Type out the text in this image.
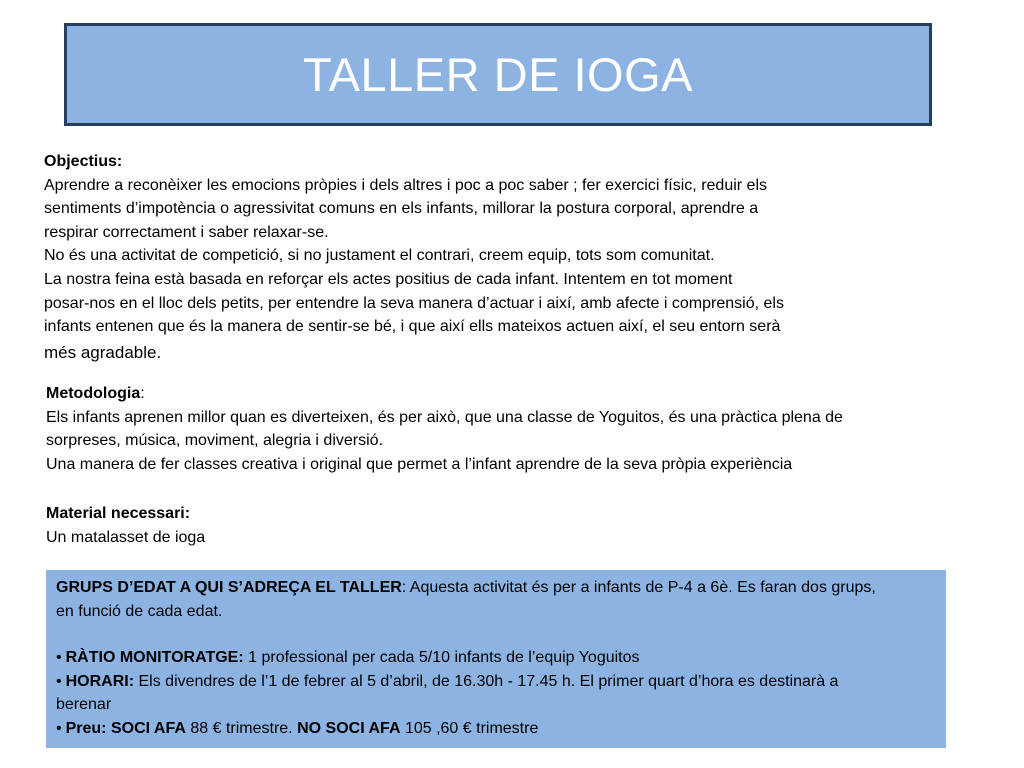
TALLER DE IOGA

Objectius:

Aprendre a reconèixer les emocions pròpies i dels altres i poc a poc saber ; fer exercici físic, reduir els

sentiments d’impotència o agressivitat comuns en els infants, millorar la postura corporal, aprendre a

respirar correctament i saber relaxar-se.

No és una activitat de competició, si no justament el contrari, creem equip, tots som comunitat.

La nostra feina està basada en reforçar els actes positius de cada infant. Intentem en tot moment

posar-nos en el lloc dels petits, per entendre la seva manera d’actuar i així, amb afecte i comprensió, els

infants entenen que és la manera de sentir-se bé, i que així ells mateixos actuen així, el seu entorn serà

més agradable.

Metodologia:

Els infants aprenen millor quan es diverteixen, és per això, que una classe de Yoguitos, és una pràctica plena de

sorpreses, música, moviment, alegria i diversió.

Una manera de fer classes creativa i original que permet a l’infant aprendre de la seva pròpia experiència

Material necessari:

Un matalasset de ioga

GRUPS D’EDAT A QUI S’ADREÇA EL TALLER: Aquesta activitat és per a infants de P-4 a 6è. Es faran dos grups,

en funció de cada edat.

• RÀTIO MONITORATGE: 1 professional per cada 5/10 infants de l’equip Yoguitos

• HORARI: Els divendres de l’1 de febrer al 5 d’abril, de 16.30h - 17.45 h. El primer quart d’hora es destinarà a

berenar

• Preu: SOCI AFA 88 € trimestre. NO SOCI AFA 105 ,60 € trimestre
